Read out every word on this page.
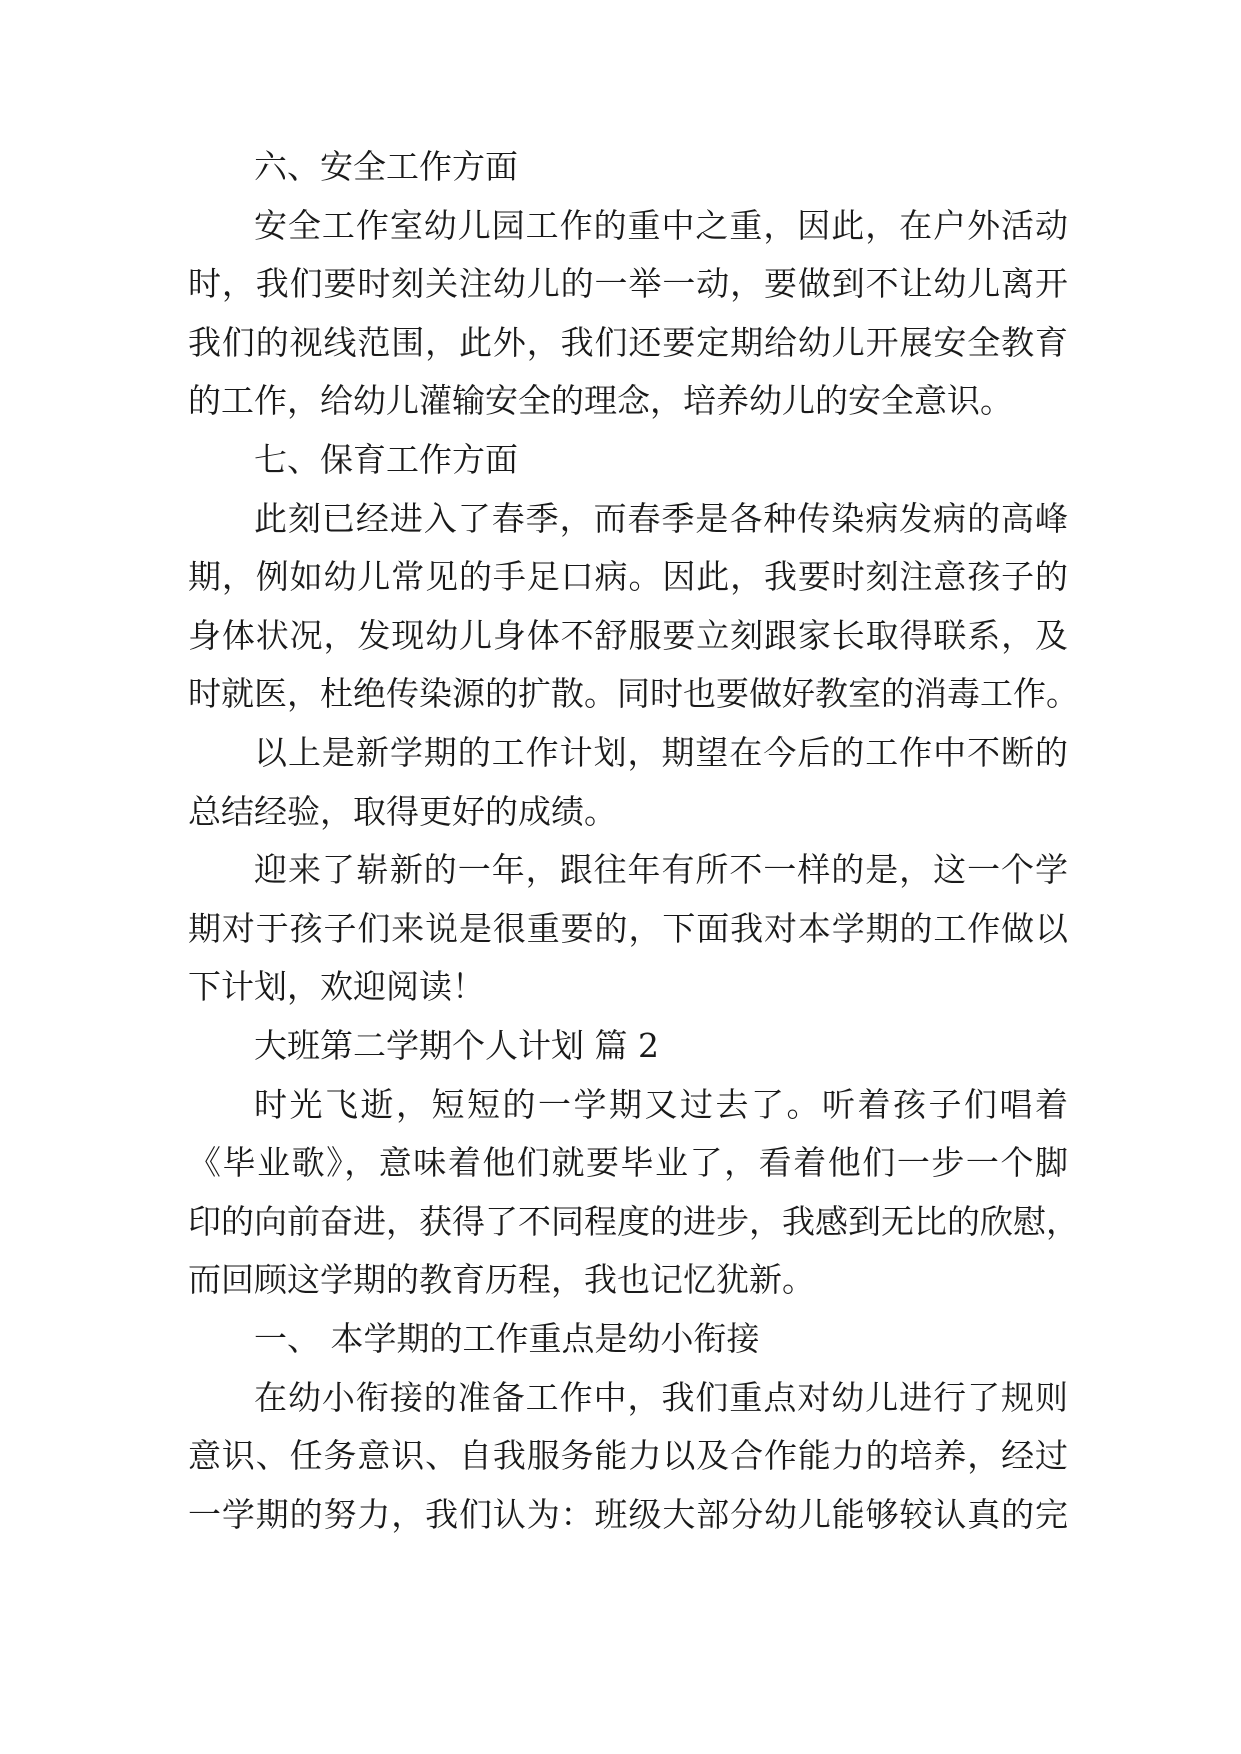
六、安全工作方面
安全工作室幼儿园工作的重中之重，因此，在户外活动
时，我们要时刻关注幼儿的一举一动，要做到不让幼儿离开
我们的视线范围，此外，我们还要定期给幼儿开展安全教育
的工作，给幼儿灌输安全的理念，培养幼儿的安全意识。
七、保育工作方面
此刻已经进入了春季，而春季是各种传染病发病的高峰
期，例如幼儿常见的手足口病。因此，我要时刻注意孩子的
身体状况，发现幼儿身体不舒服要立刻跟家长取得联系，及
时就医，杜绝传染源的扩散。同时也要做好教室的消毒工作。
以上是新学期的工作计划，期望在今后的工作中不断的
总结经验，取得更好的成绩。
迎来了崭新的一年，跟往年有所不一样的是，这一个学
期对于孩子们来说是很重要的，下面我对本学期的工作做以
下计划，欢迎阅读！
大班第二学期个人计划 篇 2
时光飞逝，短短的一学期又过去了。听着孩子们唱着
《毕业歌》，意味着他们就要毕业了，看着他们一步一个脚
印的向前奋进，获得了不同程度的进步，我感到无比的欣慰，
而回顾这学期的教育历程，我也记忆犹新。
一、 本学期的工作重点是幼小衔接
在幼小衔接的准备工作中，我们重点对幼儿进行了规则
意识、任务意识、自我服务能力以及合作能力的培养，经过
一学期的努力，我们认为：班级大部分幼儿能够较认真的完
